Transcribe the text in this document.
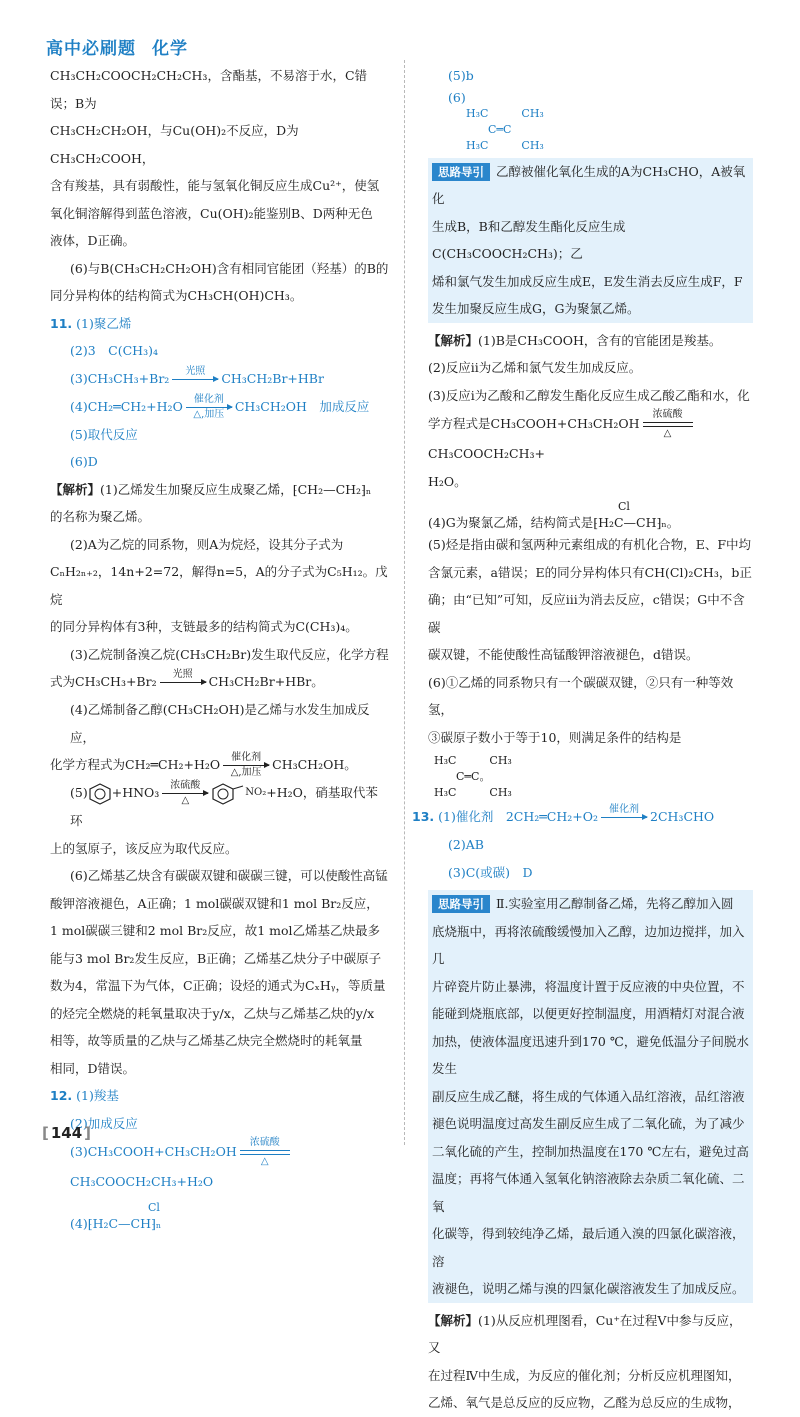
高中必刷题 化学

CH₃CH₂COOCH₂CH₂CH₃，含酯基，不易溶于水，C错误；B为

CH₃CH₂CH₂OH，与Cu(OH)₂不反应，D为CH₃CH₂COOH，

含有羧基，具有弱酸性，能与氢氧化铜反应生成Cu²⁺，使氢

氧化铜溶解得到蓝色溶液，Cu(OH)₂能鉴别B、D两种无色

液体，D正确。

(6)与B(CH₃CH₂CH₂OH)含有相同官能团（羟基）的B的

同分异构体的结构简式为CH₃CH(OH)CH₃。

11. (1)聚乙烯

(2)3　C(CH₃)₄

(3)CH₃CH₃+Br₂ 光照
CH₃CH₂Br+HBr

(4)CH₂═CH₂+H₂O 催化剂
△,加压
CH₃CH₂OH　加成反应

(5)取代反应

(6)D

【解析】(1)乙烯发生加聚反应生成聚乙烯，⁅CH₂—CH₂⁆ₙ

的名称为聚乙烯。

(2)A为乙烷的同系物，则A为烷烃，设其分子式为

CₙH₂ₙ₊₂，14n+2=72，解得n=5，A的分子式为C₅H₁₂。戊烷

的同分异构体有3种，支链最多的结构简式为C(CH₃)₄。

(3)乙烷制备溴乙烷(CH₃CH₂Br)发生取代反应，化学方程

式为CH₃CH₃+Br₂ 光照
CH₃CH₂Br+HBr。

(4)乙烯制备乙醇(CH₃CH₂OH)是乙烯与水发生加成反应，

化学方程式为CH₂═CH₂+H₂O 催化剂
△,加压
CH₃CH₂OH。

(5) +HNO₃ 浓硫酸
△
$^{NO_2}$+H₂O，硝基取代苯环

上的氢原子，该反应为取代反应。

(6)乙烯基乙炔含有碳碳双键和碳碳三键，可以使酸性高锰

酸钾溶液褪色，A正确；1 mol碳碳双键和1 mol Br₂反应，

1 mol碳碳三键和2 mol Br₂反应，故1 mol乙烯基乙炔最多

能与3 mol Br₂发生反应，B正确；乙烯基乙炔分子中碳原子

数为4，常温下为气体，C正确；设烃的通式为CₓHᵧ，等质量

的烃完全燃烧的耗氧量取决于y/x，乙炔与乙烯基乙炔的y/x

相等，故等质量的乙炔与乙烯基乙炔完全燃烧时的耗氧量

相同，D错误。

12. (1)羧基

(2)加成反应

(3)CH₃COOH+CH₃CH₂OH
浓硫酸
△
CH₃COOCH₂CH₃+H₂O

Cl
(4)⁅H₂C—CH⁆ₙ

(5)b

(6)
H₃C　　　CH₃
　　C═C
H₃C　　　CH₃

思路导引 乙醇被催化氧化生成的A为CH₃CHO，A被氧化

生成B，B和乙醇发生酯化反应生成C(CH₃COOCH₂CH₃)；乙

烯和氯气发生加成反应生成E，E发生消去反应生成F，F

发生加聚反应生成G，G为聚氯乙烯。

【解析】(1)B是CH₃COOH，含有的官能团是羧基。

(2)反应ⅱ为乙烯和氯气发生加成反应。

(3)反应ⅰ为乙酸和乙醇发生酯化反应生成乙酸乙酯和水，化

学方程式是CH₃COOH+CH₃CH₂OH
浓硫酸
△
CH₃COOCH₂CH₃+

H₂O。

Cl
(4)G为聚氯乙烯，结构简式是⁅H₂C—CH⁆ₙ。

(5)烃是指由碳和氢两种元素组成的有机化合物，E、F中均

含氯元素，a错误；E的同分异构体只有CH(Cl)₂CH₃，b正

确；由“已知”可知，反应ⅲ为消去反应，c错误；G中不含碳

碳双键，不能使酸性高锰酸钾溶液褪色，d错误。

(6)①乙烯的同系物只有一个碳碳双键，②只有一种等效氢，

③碳原子数小于等于10，则满足条件的结构是

H₃C　　　CH₃
　　C═C。
H₃C　　　CH₃

13. (1)催化剂　2CH₂═CH₂+O₂ 催化剂
2CH₃CHO

(2)AB

(3)C(或碳)　D

思路导引 Ⅱ.实验室用乙醇制备乙烯，先将乙醇加入圆

底烧瓶中，再将浓硫酸缓慢加入乙醇，边加边搅拌，加入几

片碎瓷片防止暴沸，将温度计置于反应液的中央位置，不

能碰到烧瓶底部，以便更好控制温度，用酒精灯对混合液

加热，使液体温度迅速升到170 ℃，避免低温分子间脱水发生

副反应生成乙醚，将生成的气体通入品红溶液，品红溶液

褪色说明温度过高发生副反应生成了二氧化硫，为了减少

二氧化硫的产生，控制加热温度在170 ℃左右，避免过高

温度；再将气体通入氢氧化钠溶液除去杂质二氧化硫、二氧

化碳等，得到较纯净乙烯，最后通入溴的四氯化碳溶液，溶

液褪色，说明乙烯与溴的四氯化碳溶液发生了加成反应。

【解析】(1)从反应机理图看，Cu⁺在过程Ⅴ中参与反应，又

在过程Ⅳ中生成，为反应的催化剂；分析反应机理图知，

乙烯、氧气是总反应的反应物，乙醛为总反应的生成物，

[ 144 ]
